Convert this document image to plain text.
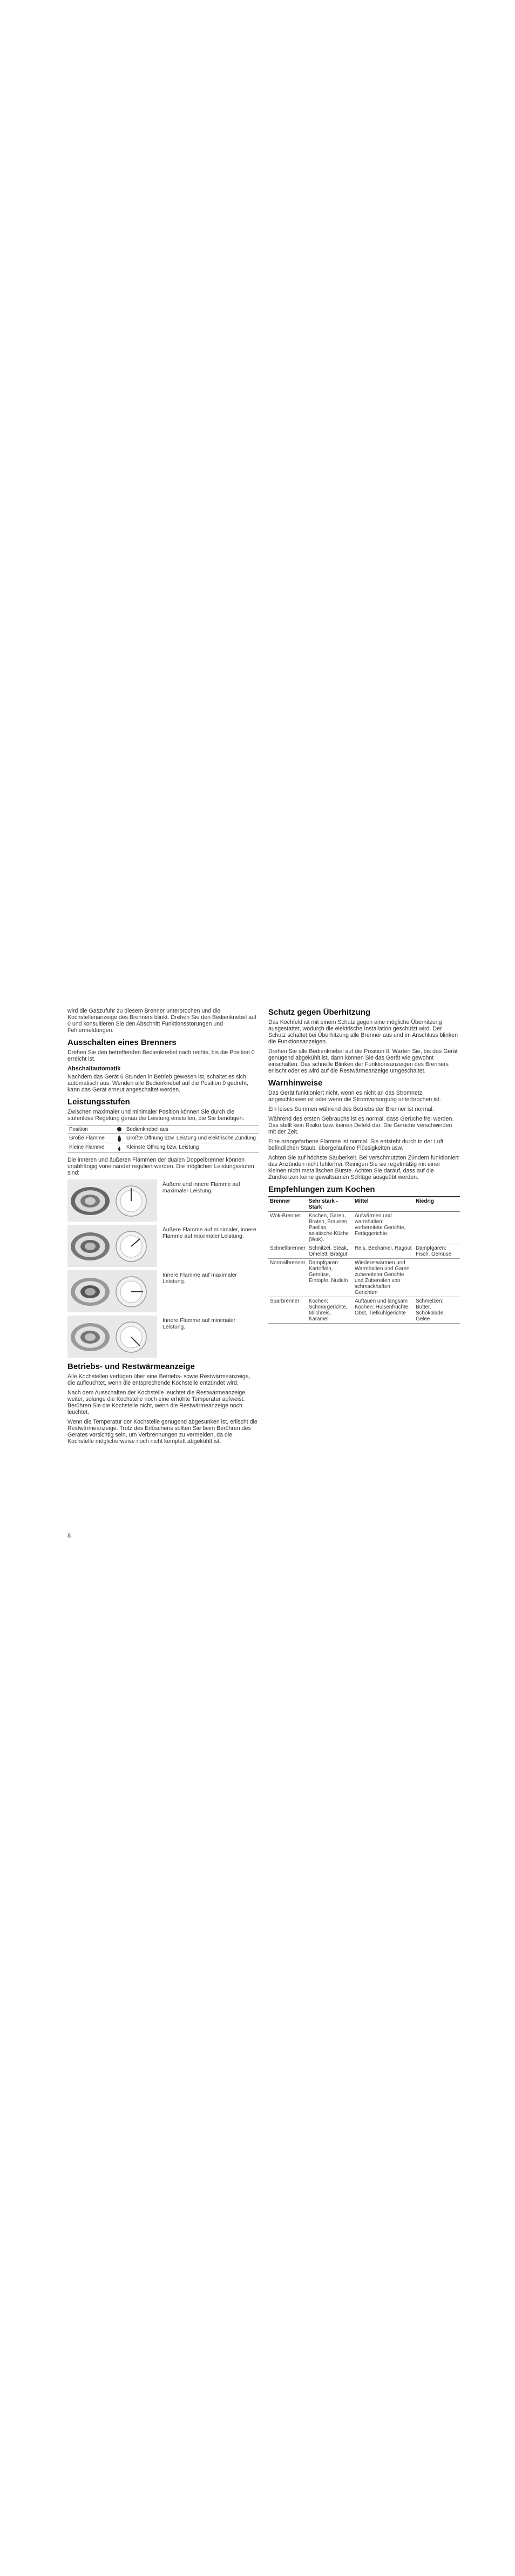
wird die Gaszufuhr zu diesem Brenner unterbrochen und die Kochstellenanzeige des Brenners blinkt. Drehen Sie den Bedienknebel auf 0 und konsultieren Sie den Abschnitt Funktionsstörungen und Fehlermeldungen.

Ausschalten eines Brenners

Drehen Sie den betreffenden Bedienknebel nach rechts, bis die Position 0 erreicht ist.

Abschaltautomatik

Nachdem das Gerät 6 Stunden in Betrieb gewesen ist, schaltet es sich automatisch aus. Wenden alle Bedienknebel auf die Position 0 gedreht, kann das Gerät erneut angeschaltet werden.

Leistungsstufen

Zwischen maximaler und minimaler Position können Sie durch die stufenlose Regelung genau die Leistung einstellen, die Sie benötigen.

Position		Bedienknebel aus
Große Flamme		Größte Öffnung bzw. Leistung und elektrische Zündung
Kleine Flamme		Kleinste Öffnung bzw. Leistung

Die inneren und äußeren Flammen der dualen Doppelbrenner können unabhängig voneinander reguliert werden. Die möglichen Leistungsstufen sind:

Äußere und innere Flamme auf maximaler Leistung.
Äußere Flamme auf minimaler, innere Flamme auf maximaler Leistung.
Innere Flamme auf maximaler Leistung.
Innere Flamme auf minimaler Leistung.
Betriebs- und Restwärmeanzeige

Alle Kochstellen verfügen über eine Betriebs- sowie Restwärmeanzeige, die aufleuchtet, wenn die entsprechende Kochstelle entzündet wird.

Nach dem Ausschalten der Kochstelle leuchtet die Restwärmeanzeige weiter, solange die Kochstelle noch eine erhöhte Temperatur aufweist. Berühren Sie die Kochstelle nicht, wenn die Restwärmeanzeige noch leuchtet.

Wenn die Temperatur der Kochstelle genügend abgesunken ist, erlischt die Restwärmeanzeige. Trotz des Erlöschens sollten Sie beim Berühren des Gerätes vorsichtig sein, um Verbrennungen zu vermeiden, da die Kochstelle möglicherweise noch nicht komplett abgekühlt ist.

Schutz gegen Überhitzung

Das Kochfeld ist mit einem Schutz gegen eine mögliche Überhitzung ausgestattet, wodurch die elektrische Installation geschützt wird. Der Schutz schaltet bei Überhitzung alle Brenner aus und im Anschluss blinken die Funktionsanzeigen.

Drehen Sie alle Bedienknebel auf die Position 0. Warten Sie, bis das Gerät genügend abgekühlt ist, dann können Sie das Gerät wie gewohnt einschalten. Das schnelle Blinken der Funktionsanzeigen des Brenners erlischt oder es wird auf die Restwärmeanzeige umgeschaltet.

Warnhinweise

Das Gerät funktioniert nicht, wenn es nicht an das Stromnetz angeschlossen ist oder wenn die Stromversorgung unterbrochen ist.

Ein leises Summen während des Betriebs der Brenner ist normal.

Während des ersten Gebrauchs ist es normal, dass Gerüche frei werden. Das stellt kein Risiko bzw. keinen Defekt dar. Die Gerüche verschwinden mit der Zeit.

Eine orangefarbene Flamme ist normal. Sie entsteht durch in der Luft befindlichen Staub, übergelaufene Flüssigkeiten usw.

Achten Sie auf höchste Sauberkeit. Bei verschmutzten Zündern funktioniert das Anzünden nicht fehlerfrei. Reinigen Sie sie regelmäßig mit einer kleinen nicht metallischen Bürste. Achten Sie darauf, dass auf die Zündkerzen keine gewaltsamen Schläge ausgeübt werden.

Empfehlungen zum Kochen
Brenner	Sehr stark - Stark	Mittel	Niedrig
Wok-Brenner	Kochen, Garen, Braten, Braunen, Paellas, asiatische Küche (Wok).	Aufwärmen und warmhalten: vorbereitete Gerichte, Fertiggerichte.	
Schnellbrenner	Schnitzel, Steak, Omelett, Bratgut	Reis, Bechamel, Ragout	Dampfgaren: Fisch, Gemüse
Normalbrenner	Dampfgaren: Kartoffeln, Gemüse, Eintopfe, Nudeln	Wiedererwärmen und Warmhalten und Garen zubereiteter Gerichte und Zubereiten von schmackhaften Gerichten	
Sparbrenner	Kochen: Schmorgerichte, Milchreis, Karamell	Auftauen und langsam Kochen: Hülsenfrüchte, Obst, Tiefkühlgerichte	Schmelzen: Butter, Schokolade, Gelee
8
